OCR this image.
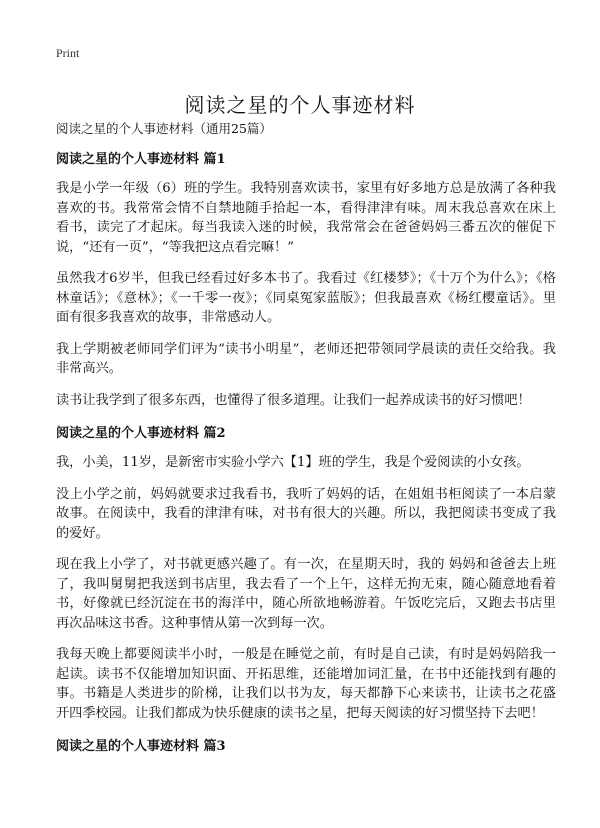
Print
阅读之星的个人事迹材料
阅读之星的个人事迹材料（通用25篇）
阅读之星的个人事迹材料 篇1

我是小学一年级（6）班的学生。我特别喜欢读书，家里有好多地方总是放满了各种我喜欢的书。我常常会情不自禁地随手拾起一本，看得津津有味。周末我总喜欢在床上看书，读完了才起床。每当我读入迷的时候，我常常会在爸爸妈妈三番五次的催促下说，“还有一页”，“等我把这点看完嘛！”

虽然我才6岁半，但我已经看过好多本书了。我看过《红楼梦》；《十万个为什么》；《格林童话》；《意林》；《一千零一夜》；《同桌冤家蓝版》；但我最喜欢《杨红樱童话》。里面有很多我喜欢的故事，非常感动人。

我上学期被老师同学们评为“读书小明星”，老师还把带领同学晨读的责任交给我。我非常高兴。

读书让我学到了很多东西，也懂得了很多道理。让我们一起养成读书的好习惯吧！

阅读之星的个人事迹材料 篇2

我，小美，11岁，是新密市实验小学六【1】班的学生，我是个爱阅读的小女孩。

没上小学之前，妈妈就要求过我看书，我听了妈妈的话，在姐姐书柜阅读了一本启蒙故事。在阅读中，我看的津津有味，对书有很大的兴趣。所以，我把阅读书变成了我的爱好。

现在我上小学了，对书就更感兴趣了。有一次，在星期天时，我的 妈妈和爸爸去上班了，我叫舅舅把我送到书店里，我去看了一个上午，这样无拘无束，随心随意地看着书，好像就已经沉淀在书的海洋中，随心所欲地畅游着。午饭吃完后，又跑去书店里再次品味这书香。这种事情从第一次到每一次。

我每天晚上都要阅读半小时，一般是在睡觉之前，有时是自己读，有时是妈妈陪我一起读。读书不仅能增加知识面、开拓思维，还能增加词汇量，在书中还能找到有趣的事。书籍是人类进步的阶梯，让我们以书为友，每天都静下心来读书，让读书之花盛开四季校园。让我们都成为快乐健康的读书之星，把每天阅读的好习惯坚持下去吧！

阅读之星的个人事迹材料 篇3
